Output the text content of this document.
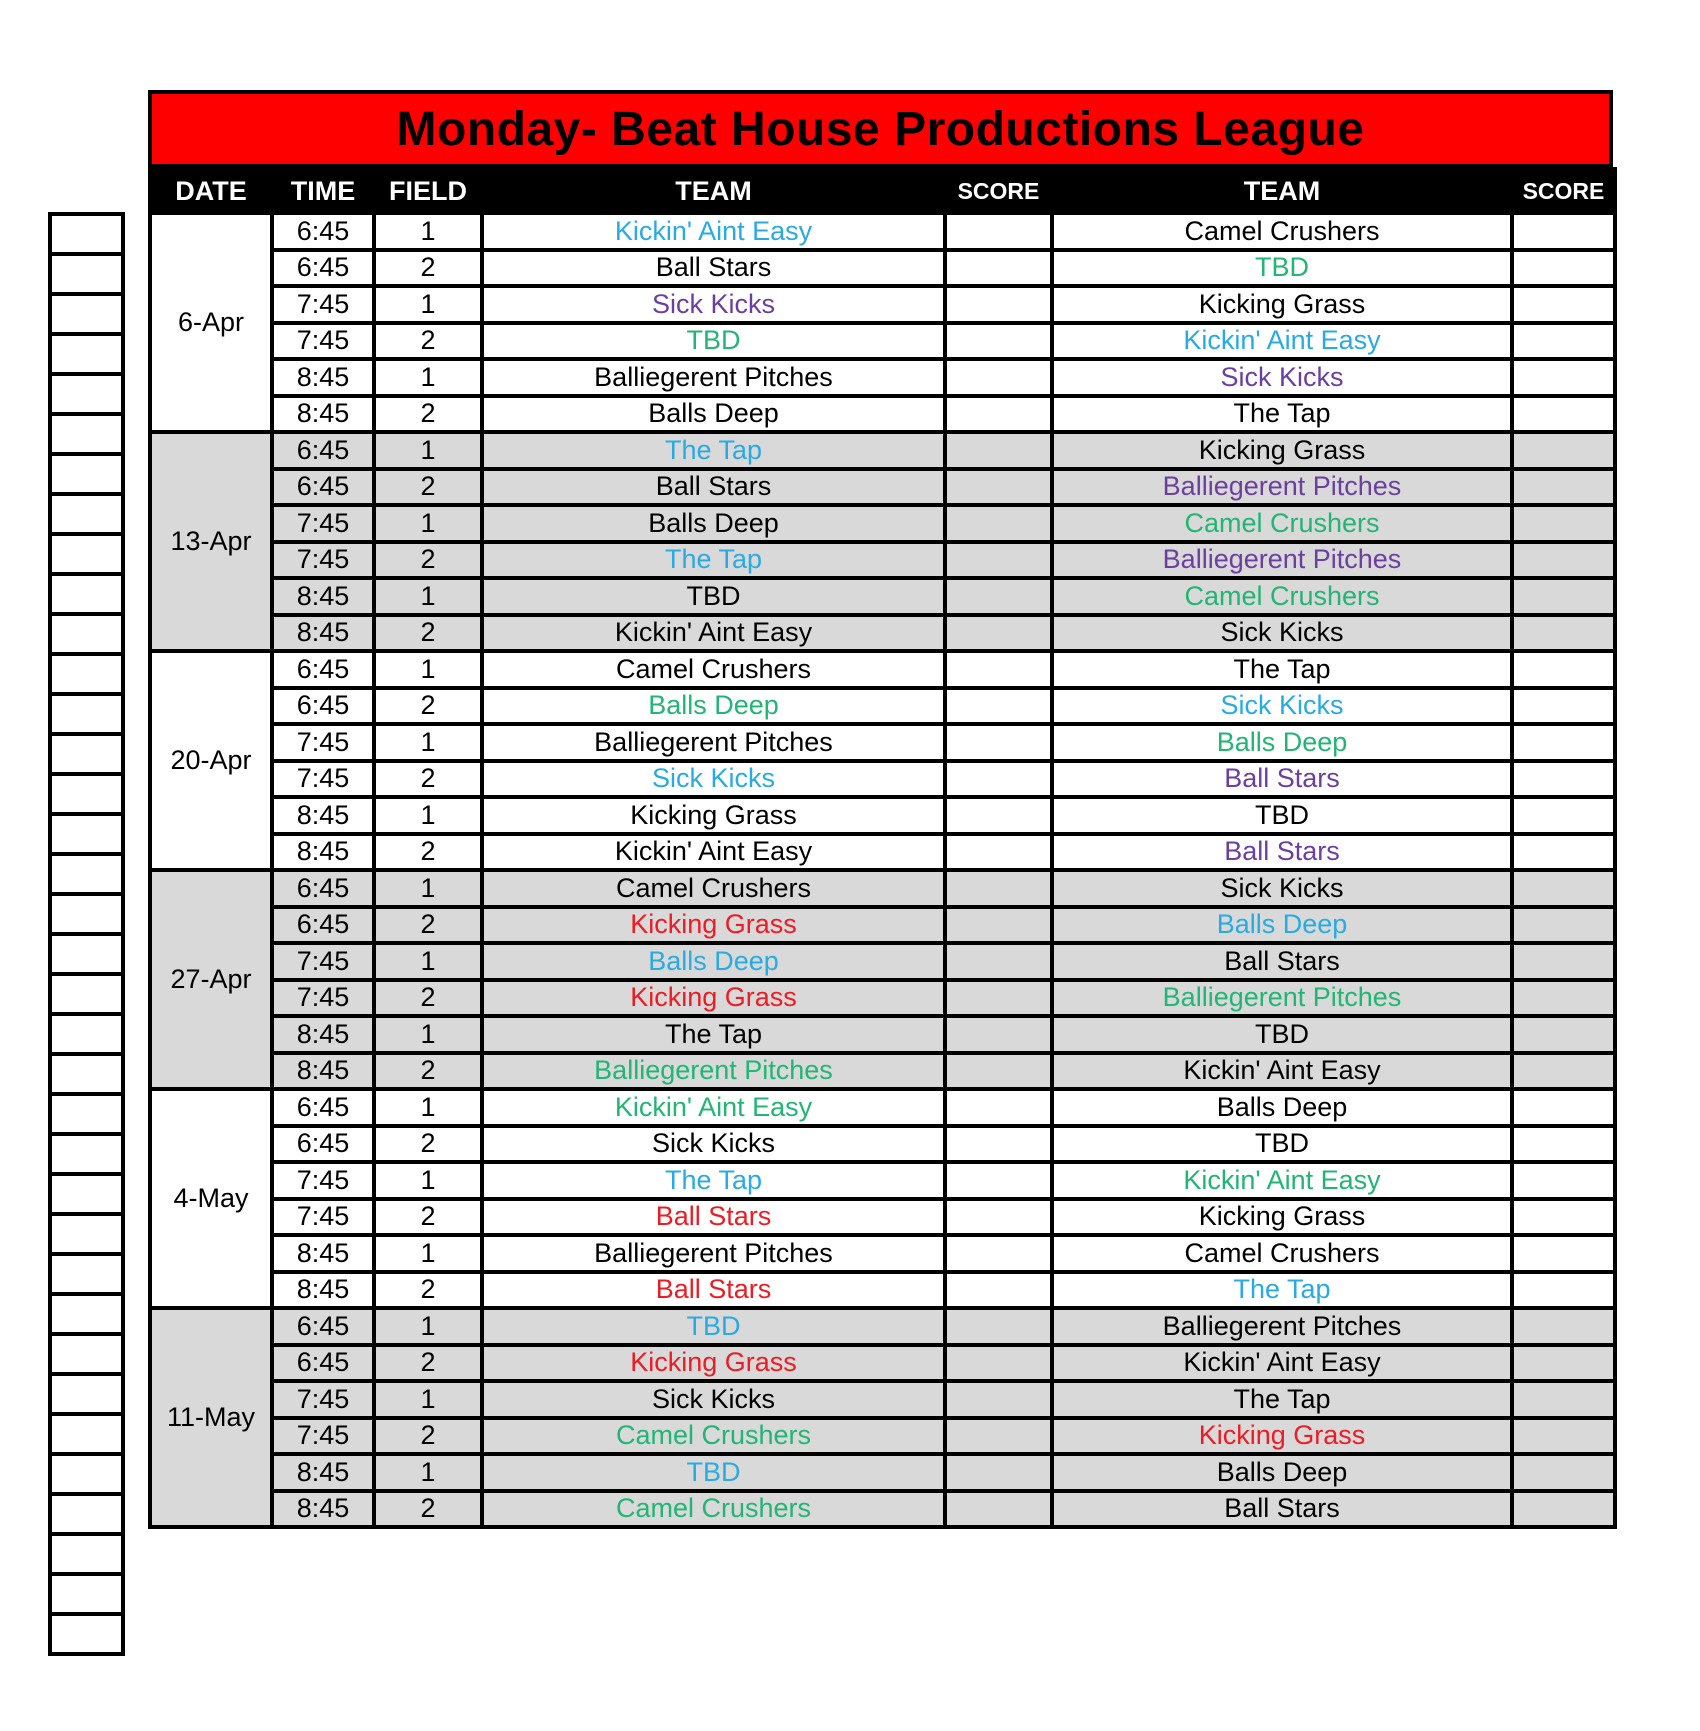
Monday- Beat House Productions League
DATE	TIME	FIELD	TEAM	SCORE	TEAM	SCORE
6-Apr	6:45	1	Kickin' Aint Easy		Camel Crushers	
	6:45	2	Ball Stars		TBD	
	7:45	1	Sick Kicks		Kicking Grass	
	7:45	2	TBD		Kickin' Aint Easy	
	8:45	1	Balliegerent Pitches		Sick Kicks	
	8:45	2	Balls Deep		The Tap	
13-Apr	6:45	1	The Tap		Kicking Grass	
	6:45	2	Ball Stars		Balliegerent Pitches	
	7:45	1	Balls Deep		Camel Crushers	
	7:45	2	The Tap		Balliegerent Pitches	
	8:45	1	TBD		Camel Crushers	
	8:45	2	Kickin' Aint Easy		Sick Kicks	
20-Apr	6:45	1	Camel Crushers		The Tap	
	6:45	2	Balls Deep		Sick Kicks	
	7:45	1	Balliegerent Pitches		Balls Deep	
	7:45	2	Sick Kicks		Ball Stars	
	8:45	1	Kicking Grass		TBD	
	8:45	2	Kickin' Aint Easy		Ball Stars	
27-Apr	6:45	1	Camel Crushers		Sick Kicks	
	6:45	2	Kicking Grass		Balls Deep	
	7:45	1	Balls Deep		Ball Stars	
	7:45	2	Kicking Grass		Balliegerent Pitches	
	8:45	1	The Tap		TBD	
	8:45	2	Balliegerent Pitches		Kickin' Aint Easy	
4-May	6:45	1	Kickin' Aint Easy		Balls Deep	
	6:45	2	Sick Kicks		TBD	
	7:45	1	The Tap		Kickin' Aint Easy	
	7:45	2	Ball Stars		Kicking Grass	
	8:45	1	Balliegerent Pitches		Camel Crushers	
	8:45	2	Ball Stars		The Tap	
11-May	6:45	1	TBD		Balliegerent Pitches	
	6:45	2	Kicking Grass		Kickin' Aint Easy	
	7:45	1	Sick Kicks		The Tap	
	7:45	2	Camel Crushers		Kicking Grass	
	8:45	1	TBD		Balls Deep	
	8:45	2	Camel Crushers		Ball Stars	
